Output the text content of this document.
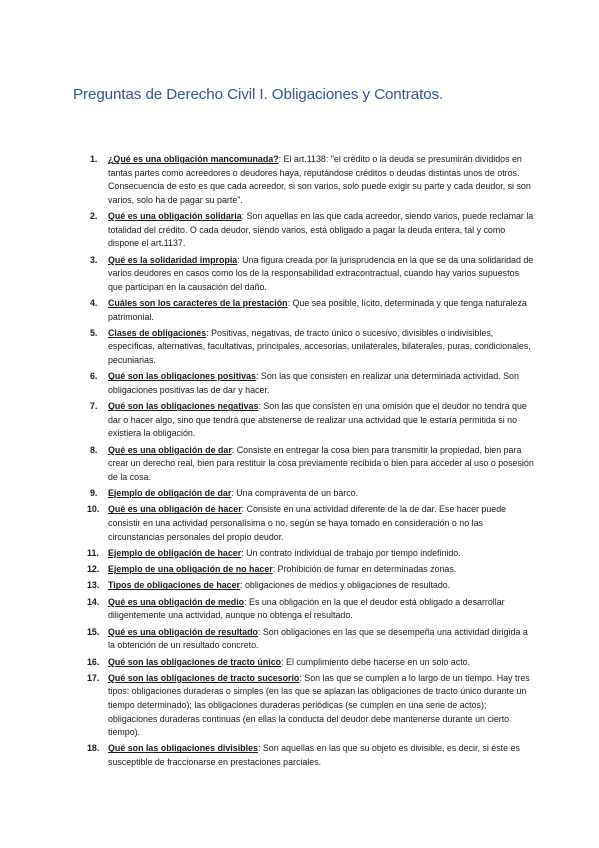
Preguntas de Derecho Civil I. Obligaciones y Contratos.
1.	¿Qué es una obligación mancomunada?: El art.1138: "el crédito o la deuda se presumirán divididos en tantas partes como acreedores o deudores haya, reputándose créditos o deudas distintas unos de otros. Consecuencia de esto es que cada acreedor, si son varios, solo puede exigir su parte y cada deudor, si son varios, solo ha de pagar su parte".
2.	Qué es una obligación solidaria: Son aquellas en las que cada acreedor, siendo varios, puede reclamar la totalidad del crédito. O cada deudor, siendo varios, está obligado a pagar la deuda entera, tal y como dispone el art.1137.
3.	Qué es la solidaridad impropia: Una figura creada por la jurisprudencia en la que se da una solidaridad de varios deudores en casos como los de la responsabilidad extracontractual, cuando hay varios supuestos que participan en la causación del daño.
4.	Cuáles son los caracteres de la prestación: Que sea posible, lícito, determinada y que tenga naturaleza patrimonial.
5.	Clases de obligaciones: Positivas, negativas, de tracto único o sucesivo, divisibles o indivisibles, específicas, alternativas, facultativas, principales, accesorias, unilaterales, bilaterales, puras, condicionales, pecuniarias.
6.	Qué son las obligaciones positivas: Son las que consisten en realizar una determinada actividad. Son obligaciones positivas las de dar y hacer.
7.	Qué son las obligaciones negativas: Son las que consisten en una omisión que el deudor no tendrá que dar o hacer algo, sino que tendrá que abstenerse de realizar una actividad que le estaría permitida si no existiera la obligación.
8.	Qué es una obligación de dar: Consiste en entregar la cosa bien para transmitir la propiedad, bien para crear un derecho real, bien para restituir la cosa previamente recibida o bien para acceder al uso o posesión de la cosa.
9.	Ejemplo de obligación de dar: Una compraventa de un barco.
10. Qué es una obligación de hacer: Consiste en una actividad diferente de la de dar. Ese hacer puede consistir en una actividad personalísima o no, según se haya tomado en consideración o no las circunstancias personales del propio deudor.
11.	Ejemplo de obligación de hacer: Un contrato individual de trabajo por tiempo indefinido.
12. Ejemplo de una obligación de no hacer: Prohibición de fumar en determinadas zonas.
13. Tipos de obligaciones de hacer: obligaciones de medios y obligaciones de resultado.
14. Qué es una obligación de medio: Es una obligación en la que el deudor está obligado a desarrollar diligentemente una actividad, aunque no obtenga el resultado.
15. Qué es una obligación de resultado: Son obligaciones en las que se desempeña una actividad dirigida a la obtención de un resultado concreto.
16. Qué son las obligaciones de tracto único: El cumplimiento debe hacerse en un solo acto.
17. Qué son las obligaciones de tracto sucesorio: Son las que se cumplen a lo largo de un tiempo. Hay tres tipos: obligaciones duraderas o simples (en las que se aplazan las obligaciones de tracto único durante un tiempo determinado); las obligaciones duraderas periódicas (se cumplen en una serie de actos); obligaciones duraderas continuas (en ellas la conducta del deudor debe mantenerse durante un cierto tiempo).
18. Qué son las obligaciones divisibles: Son aquellas en las que su objeto es divisible, es decir, si éste es susceptible de fraccionarse en prestaciones parciales.
